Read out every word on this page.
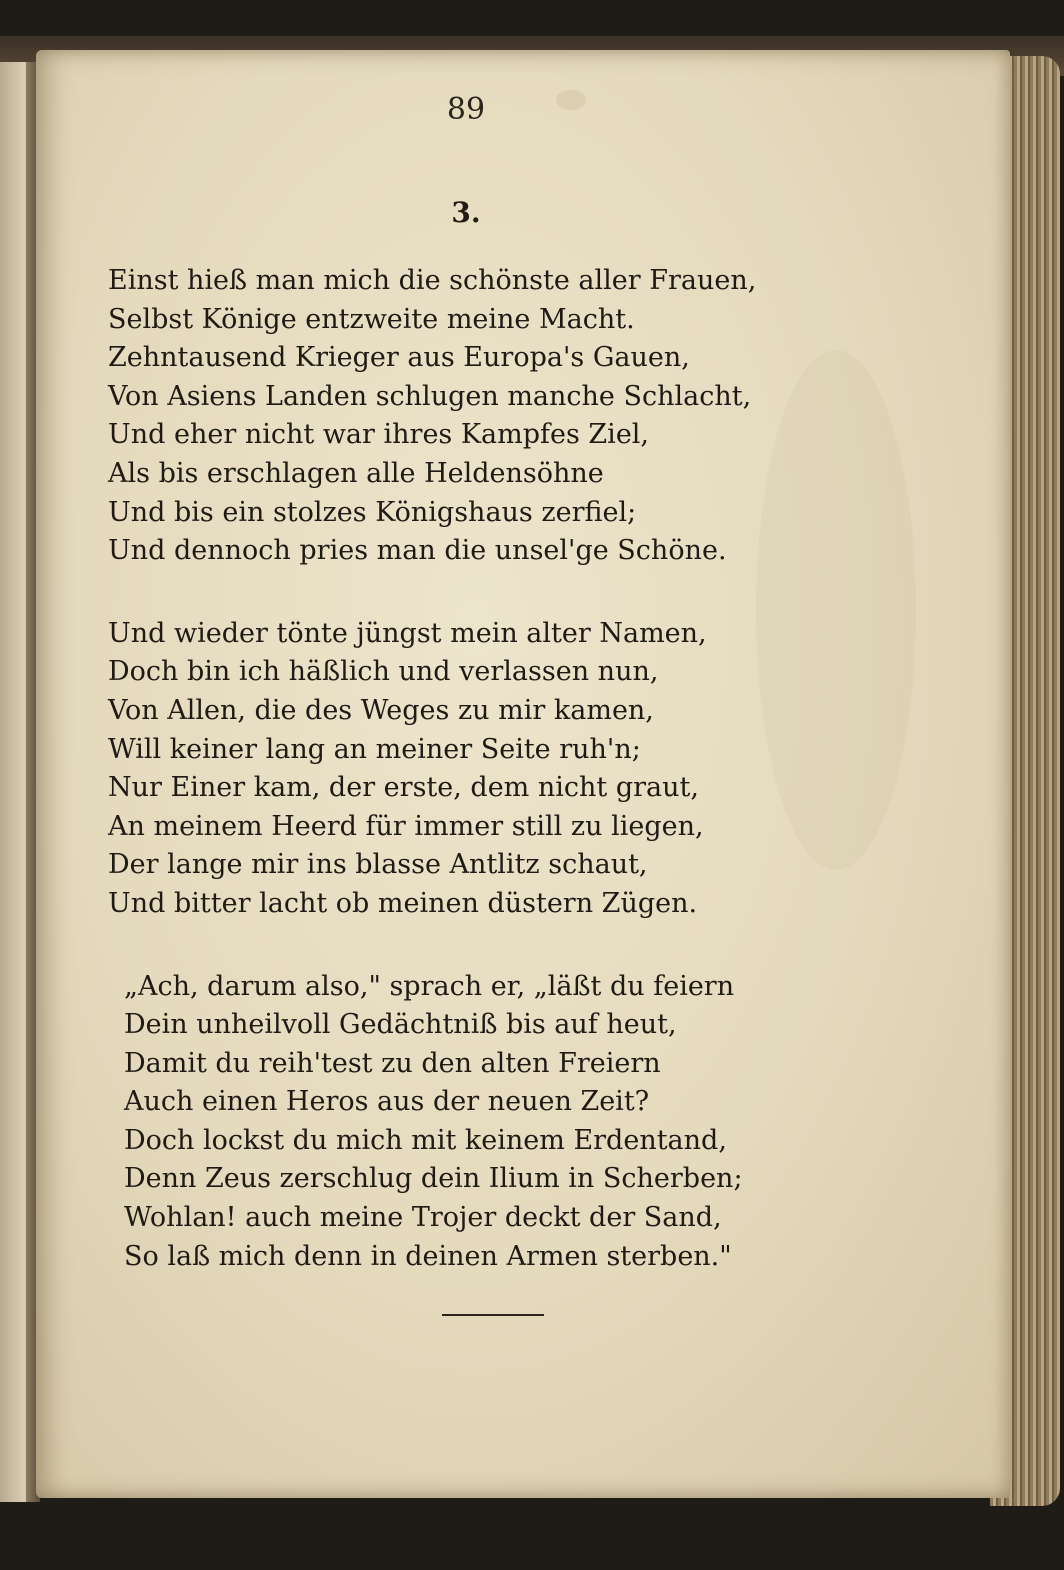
89
3.
Einst hieß man mich die schönste aller Frauen,
Selbst Könige entzweite meine Macht.
Zehntausend Krieger aus Europa's Gauen,
Von Asiens Landen schlugen manche Schlacht,
Und eher nicht war ihres Kampfes Ziel,
Als bis erschlagen alle Heldensöhne
Und bis ein stolzes Königshaus zerfiel;
Und dennoch pries man die unsel'ge Schöne.
Und wieder tönte jüngst mein alter Namen,
Doch bin ich häßlich und verlassen nun,
Von Allen, die des Weges zu mir kamen,
Will keiner lang an meiner Seite ruh'n;
Nur Einer kam, der erste, dem nicht graut,
An meinem Heerd für immer still zu liegen,
Der lange mir ins blasse Antlitz schaut,
Und bitter lacht ob meinen düstern Zügen.
„Ach, darum also," sprach er, „läßt du feiern
Dein unheilvoll Gedächtniß bis auf heut,
Damit du reih'test zu den alten Freiern
Auch einen Heros aus der neuen Zeit?
Doch lockst du mich mit keinem Erdentand,
Denn Zeus zerschlug dein Ilium in Scherben;
Wohlan! auch meine Trojer deckt der Sand,
So laß mich denn in deinen Armen sterben."
